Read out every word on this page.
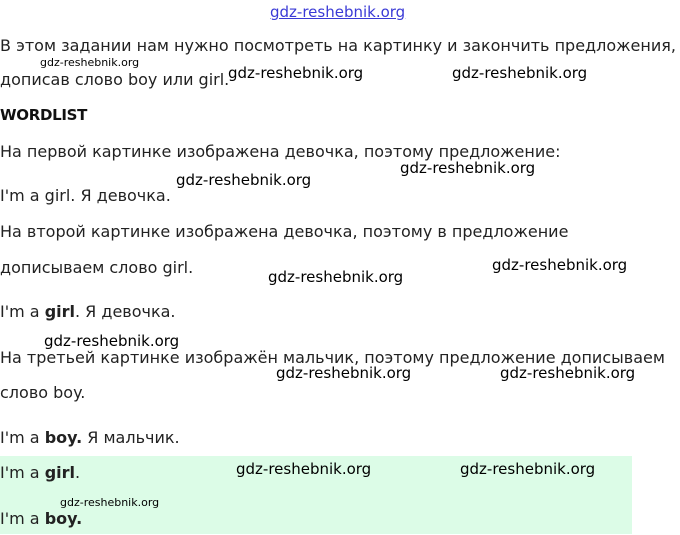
gdz-reshebnik.org
В этом задании нам нужно посмотреть на картинку и закончить предложения,
дописав слово boy или girl.
WORDLIST
На первой картинке изображена девочка, поэтому предложение:
I'm a girl. Я девочка.
На второй картинке изображена девочка, поэтому в предложение
дописываем слово girl.
I'm a girl. Я девочка.
На третьей картинке изображён мальчик, поэтому предложение дописываем
слово boy.
I'm a boy. Я мальчик.
I'm a girl.
I'm a boy.
gdz-reshebnik.org
gdz-reshebnik.org	gdz-reshebnik.org
gdz-reshebnik.org
gdz-reshebnik.org
gdz-reshebnik.org
gdz-reshebnik.org
gdz-reshebnik.org
gdz-reshebnik.org	gdz-reshebnik.org
gdz-reshebnik.org	gdz-reshebnik.org
gdz-reshebnik.org
